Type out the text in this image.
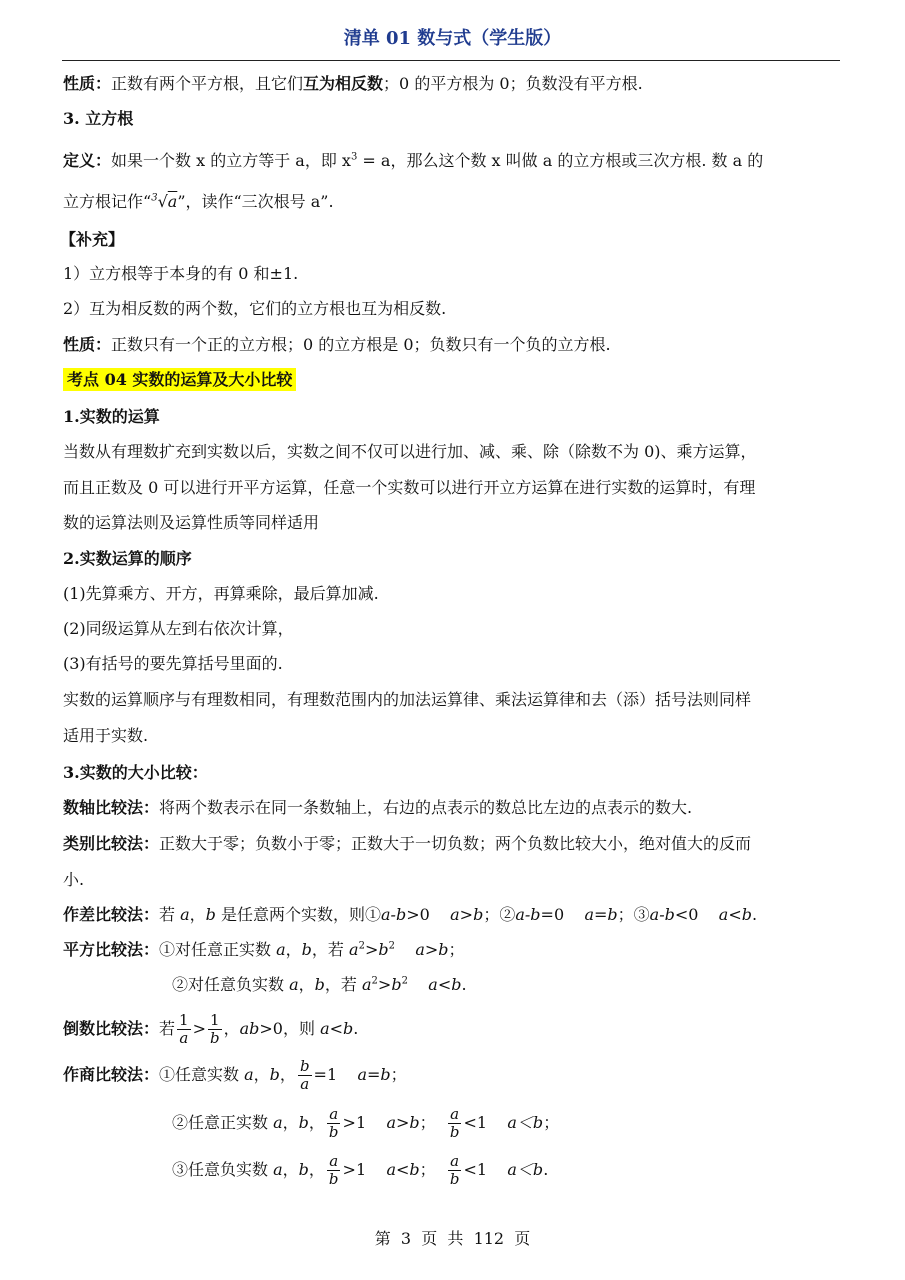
清单 01 数与式（学生版）
性质：正数有两个平方根，且它们互为相反数；0 的平方根为 0；负数没有平方根.
3. 立方根
定义：如果一个数 x 的立方等于 a，即 $x^3 = a$，那么这个数 x 叫做 a 的立方根或三次方根. 数 a 的
立方根记作“$^3$√a”，读作“三次根号 a”.
【补充】
1）立方根等于本身的有 0 和±1.
2）互为相反数的两个数，它们的立方根也互为相反数.
性质：正数只有一个正的立方根；0 的立方根是 0；负数只有一个负的立方根.
考点 04 实数的运算及大小比较
1.实数的运算
当数从有理数扩充到实数以后，实数之间不仅可以进行加、减、乘、除（除数不为 0)、乘方运算，
而且正数及 0 可以进行开平方运算，任意一个实数可以进行开立方运算在进行实数的运算时，有理
数的运算法则及运算性质等同样适用
2.实数运算的顺序
(1)先算乘方、开方，再算乘除，最后算加减.
(2)同级运算从左到右依次计算，
(3)有括号的要先算括号里面的.
实数的运算顺序与有理数相同，有理数范围内的加法运算律、乘法运算律和去（添）括号法则同样
适用于实数.
3.实数的大小比较：
数轴比较法：将两个数表示在同一条数轴上，右边的点表示的数总比左边的点表示的数大.
类别比较法：正数大于零；负数小于零；正数大于一切负数；两个负数比较大小，绝对值大的反而
小.
作差比较法：若 a，b 是任意两个实数，则①a-b>0    a>b；②a-b=0    a=b；③a-b<0    a<b.
平方比较法：①对任意正实数 a，b，若 $a^2>b^2$ a>b；
②对任意负实数 a，b，若 $a^2>b^2$ a<b.
倒数比较法：若 $\frac{1}{a} > \frac{1}{b}$ ，ab>0，则 a<b.
作商比较法：①任意实数 a，b， $\frac{b}{a} =1$    a=b；
②任意正实数 a，b， $\frac{a}{b} >1$    a>b； $\frac{a}{b} <1$    a＜b；
③任意负实数 a，b， $\frac{a}{b} >1$    a<b； $\frac{a}{b} <1$    a＜b.
第  3  页  共  112  页
